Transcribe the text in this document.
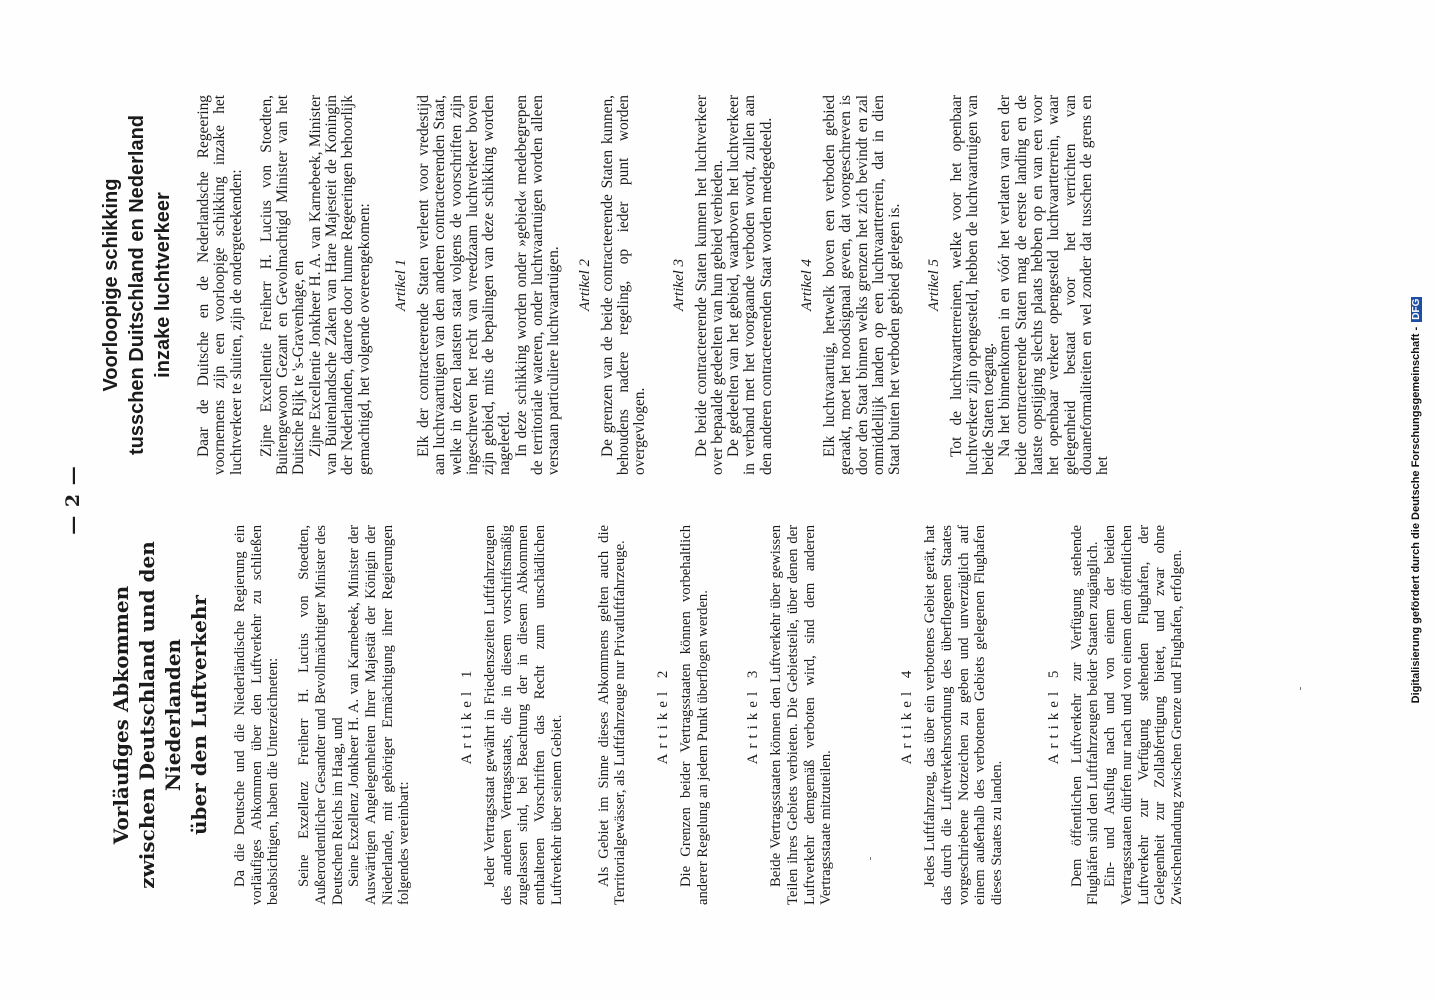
— 2 —
Vorläufiges Abkommen zwischen Deutschland und den Niederlanden über den Luftverkehr Da die Deutsche und die Niederländische Regierung ein vorläufiges Abkommen über den Luftverkehr zu schließen beabsichtigen, haben die Unterzeichneten: Seine Exzellenz Freiherr H. Lucius von Stoedten, Außerordentlicher Gesandter und Bevollmächtigter Minister des Deutschen Reichs im Haag, und Seine Exzellenz Jonkheer H. A. van Karnebeek, Minister der Auswärtigen Angelegenheiten Ihrer Majestät der Königin der Niederlande, mit gehöriger Ermächtigung ihrer Regierungen folgendes vereinbart:

Artikel 1 Jeder Vertragsstaat gewährt in Friedenszeiten Luftfahrzeugen des anderen Vertragsstaats, die in diesem vorschriftsmäßig zugelassen sind, bei Beachtung der in diesem Abkommen enthaltenen Vorschriften das Recht zum unschädlichen Luftverkehr über seinem Gebiet. Als Gebiet im Sinne dieses Abkommens gelten auch die Territorialgewässer, als Luftfahrzeuge nur Privatluftfahrzeuge. Artikel 2 Die Grenzen beider Vertragsstaaten können vorbehaltlich anderer Regelung an jedem Punkt überflogen werden. Artikel 3 Beide Vertragsstaaten können den Luftverkehr über gewissen Teilen ihres Gebiets verbieten. Die Gebietsteile, über denen der Luftverkehr demgemäß verboten wird, sind dem anderen Vertragsstaate mitzuteilen.

Artikel 4 Jedes Luftfahrzeug, das über ein verbotenes Gebiet gerät, hat das durch die Luftverkehrsordnung des überflogenen Staates vorgeschriebene Notzeichen zu geben und unverzüglich auf einem außerhalb des verbotenen Gebiets gelegenen Flughafen dieses Staates zu landen.

Artikel 5 Dem öffentlichen Luftverkehr zur Verfügung stehende Flughäfen sind den Luftfahrzeugen beider Staaten zugänglich. Ein- und Ausflug nach und von einem der beiden Vertragsstaaten dürfen nur nach und von einem dem öffentlichen Luftverkehr zur Verfügung stehenden Flughafen, der Gelegenheit zur Zollabfertigung bietet, und zwar ohne Zwischenlandung zwischen Grenze und Flughafen, erfolgen.

Voorloopige schikking tusschen Duitschland en Nederland inzake luchtverkeer Daar de Duitsche en de Nederlandsche Regeering voornemens zijn een voorloopige schikking inzake het luchtverkeer te sluiten, zijn de ondergeteekenden: Zijne Excellentie Freiherr H. Lucius von Stoedten, Buitengewoon Gezant en Gevolmachtigd Minister van het Duitsche Rijk te 's-Gravenhage, en Zijne Excellentie Jonkheer H. A. van Karnebeek, Minister van Buitenlandsche Zaken van Hare Majesteit de Koningin der Nederlanden, daartoe door hunne Regeeringen behoorlijk gemachtigd, het volgende overeengekomen: Artikel 1 Elk der contracteerende Staten verleent voor vredestijd aan luchtvaartuigen van den anderen contracteerenden Staat, welke in dezen laatsten staat volgens de voorschriften zijn ingeschreven het recht van vreedzaam luchtverkeer boven zijn gebied, mits de bepalingen van deze schikking worden nageleefd. In deze schikking worden onder »gebied« medebegrepen de territoriale wateren, onder luchtvaartuigen worden alleen verstaan particuliere luchtvaartuigen. Artikel 2 De grenzen van de beide contracteerende Staten kunnen, behoudens nadere regeling, op ieder punt worden overgevlogen.

Artikel 3 De beide contracteerende Staten kunnen het luchtverkeer over bepaalde gedeelten van hun gebied verbieden. De gedeelten van het gebied, waarboven het luchtverkeer in verband met het voorgaande verboden wordt, zullen aan den anderen contracteerenden Staat worden medegedeeld. Artikel 4 Elk luchtvaartuig, hetwelk boven een verboden gebied geraakt, moet het noodsignaal geven, dat voorgeschreven is door den Staat binnen welks grenzen het zich bevindt en zal onmiddellijk landen op een luchtvaartterrein, dat in dien Staat buiten het verboden gebied gelegen is. Artikel 5 Tot de luchtvaartterreinen, welke voor het openbaar luchtverkeer zijn opengesteld, hebben de luchtvaartuigen van beide Staten toegang. Na het binnenkomen in en vóór het verlaten van een der beide contracteerende Staten mag de eerste landing en de laatste opstijging slechts plaats hebben op en van een voor het openbaar verkeer opengesteld luchtvaartterrein, waar gelegenheid bestaat voor het verrichten van douaneformaliteiten en wel zonder dat tusschen de grens en het	Digitalisierung gefördert durch die Deutsche Forschungsgemeinschaft - DFG
